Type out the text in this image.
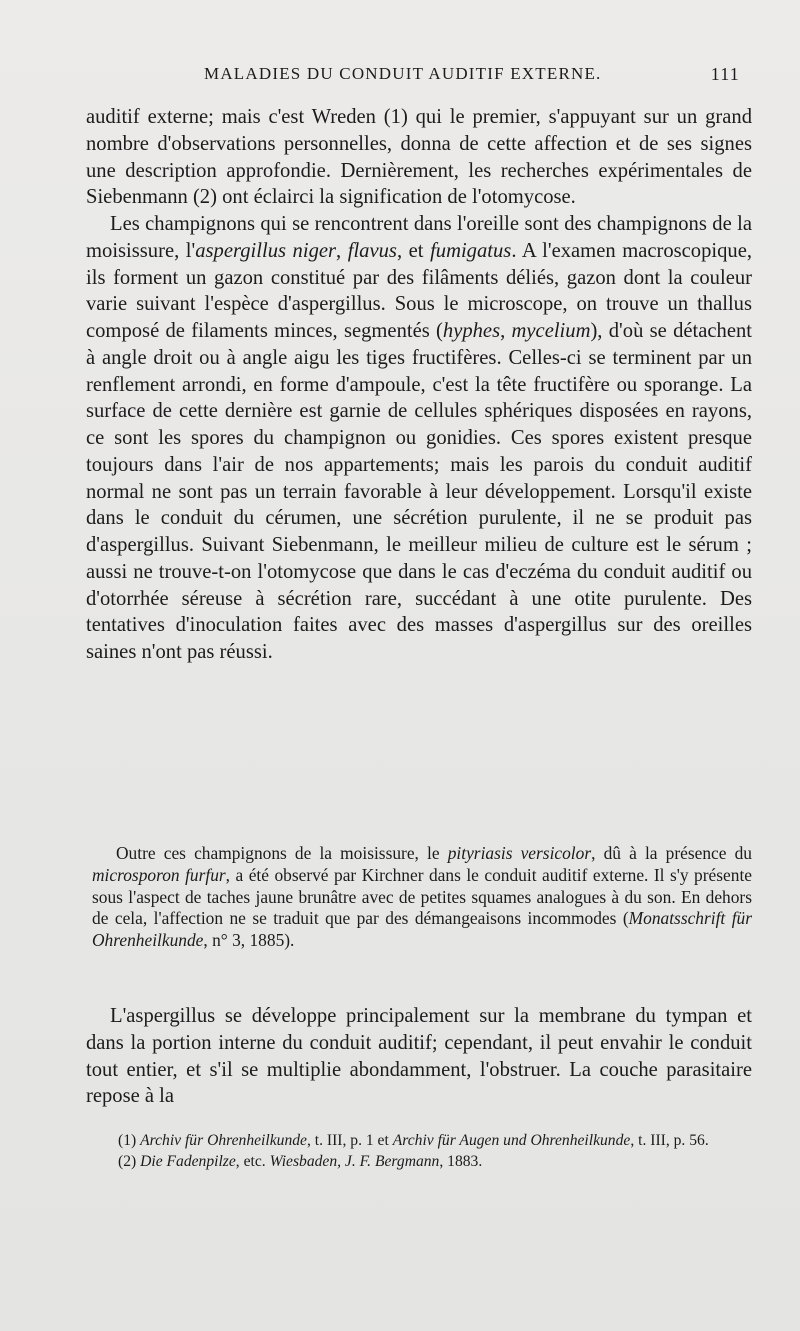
MALADIES DU CONDUIT AUDITIF EXTERNE.	111

auditif externe; mais c'est Wreden (1) qui le premier, s'appuyant sur un grand nombre d'observations personnelles, donna de cette affection et de ses signes une description approfondie. Dernièrement, les recherches expérimentales de Siebenmann (2) ont éclairci la signification de l'otomycose.

Les champignons qui se rencontrent dans l'oreille sont des champignons de la moisissure, l'aspergillus niger, flavus, et fumigatus. A l'examen macroscopique, ils forment un gazon constitué par des filâments déliés, gazon dont la couleur varie suivant l'espèce d'aspergillus. Sous le microscope, on trouve un thallus composé de filaments minces, segmentés (hyphes, mycelium), d'où se détachent à angle droit ou à angle aigu les tiges fructifères. Celles-ci se terminent par un renflement arrondi, en forme d'ampoule, c'est la tête fructifère ou sporange. La surface de cette dernière est garnie de cellules sphériques disposées en rayons, ce sont les spores du champignon ou gonidies. Ces spores existent presque toujours dans l'air de nos appartements; mais les parois du conduit auditif normal ne sont pas un terrain favorable à leur développement. Lorsqu'il existe dans le conduit du cérumen, une sécrétion purulente, il ne se produit pas d'aspergillus. Suivant Siebenmann, le meilleur milieu de culture est le sérum ; aussi ne trouve-t-on l'otomycose que dans le cas d'eczéma du conduit auditif ou d'otorrhée séreuse à sécrétion rare, succédant à une otite purulente. Des tentatives d'inoculation faites avec des masses d'aspergillus sur des oreilles saines n'ont pas réussi.

Outre ces champignons de la moisissure, le pityriasis versicolor, dû à la présence du microsporon furfur, a été observé par Kirchner dans le conduit auditif externe. Il s'y présente sous l'aspect de taches jaune brunâtre avec de petites squames analogues à du son. En dehors de cela, l'affection ne se traduit que par des démangeaisons incommodes (Monatsschrift für Ohrenheilkunde, n° 3, 1885).

L'aspergillus se développe principalement sur la membrane du tympan et dans la portion interne du conduit auditif; cependant, il peut envahir le conduit tout entier, et s'il se multiplie abondamment, l'obstruer. La couche parasitaire repose à la

(1) Archiv für Ohrenheilkunde, t. III, p. 1 et Archiv für Augen und Ohrenheilkunde, t. III, p. 56.

(2) Die Fadenpilze, etc. Wiesbaden, J. F. Bergmann, 1883.
